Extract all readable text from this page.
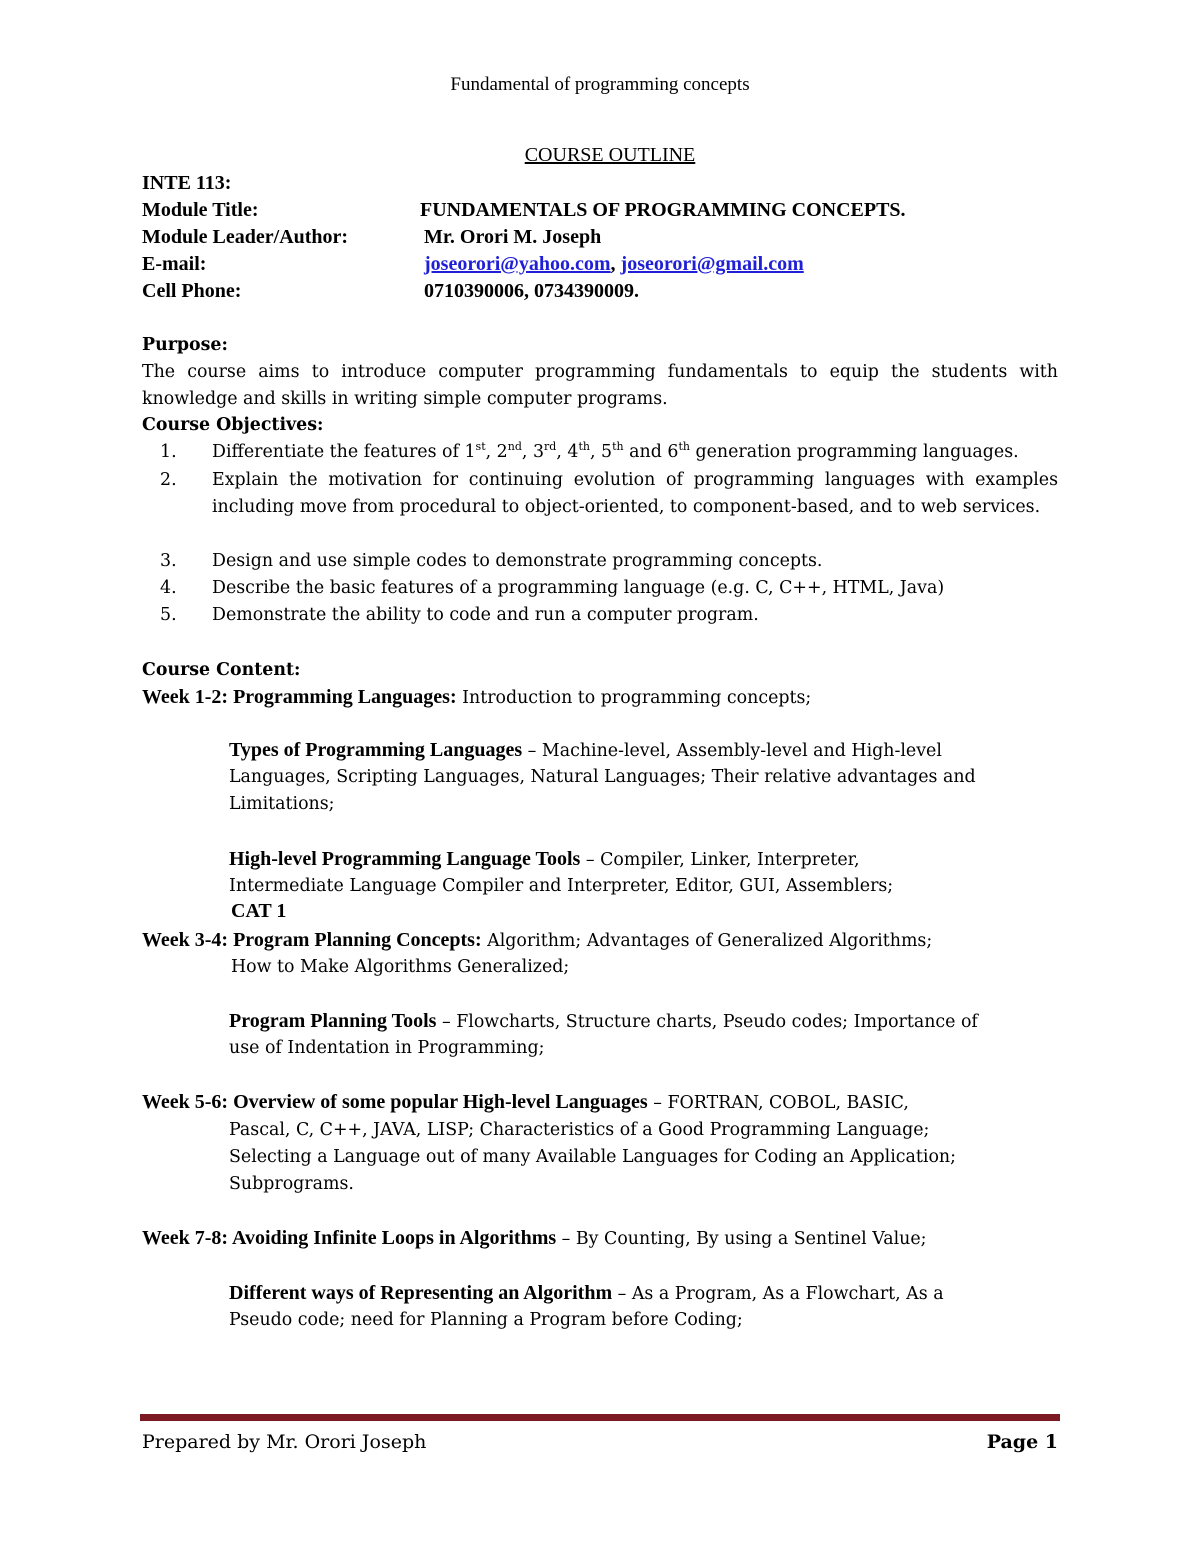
Fundamental of programming concepts
COURSE OUTLINE
INTE 113:
Module Title:	FUNDAMENTALS OF PROGRAMMING CONCEPTS.
Module Leader/Author:	Mr. Orori M. Joseph
E-mail:	joseorori@yahoo.com, joseorori@gmail.com
Cell Phone:	0710390006, 0734390009.
Purpose:
The course aims to introduce computer programming fundamentals to equip the students with knowledge and skills in writing simple computer programs.
Course Objectives:
1. Differentiate the features of 1st, 2nd, 3rd, 4th, 5th and 6th generation programming languages.
2. Explain the motivation for continuing evolution of programming languages with examples including move from procedural to object-oriented, to component-based, and to web services.
3. Design and use simple codes to demonstrate programming concepts.
4. Describe the basic features of a programming language (e.g. C, C++, HTML, Java)
5. Demonstrate the ability to code and run a computer program.
Course Content:
Week 1-2: Programming Languages: Introduction to programming concepts;
Types of Programming Languages – Machine-level, Assembly-level and High-level
Languages, Scripting Languages, Natural Languages; Their relative advantages and
Limitations;
High-level Programming Language Tools – Compiler, Linker, Interpreter,
Intermediate Language Compiler and Interpreter, Editor, GUI, Assemblers;
CAT 1
Week 3-4: Program Planning Concepts: Algorithm; Advantages of Generalized Algorithms;
How to Make Algorithms Generalized;
Program Planning Tools – Flowcharts, Structure charts, Pseudo codes; Importance of
use of Indentation in Programming;
Week 5-6: Overview of some popular High-level Languages – FORTRAN, COBOL, BASIC,
Pascal, C, C++, JAVA, LISP; Characteristics of a Good Programming Language;
Selecting a Language out of many Available Languages for Coding an Application;
Subprograms.
Week 7-8: Avoiding Infinite Loops in Algorithms – By Counting, By using a Sentinel Value;
Different ways of Representing an Algorithm – As a Program, As a Flowchart, As a
Pseudo code; need for Planning a Program before Coding;
Prepared by Mr. Orori Joseph	Page 1
